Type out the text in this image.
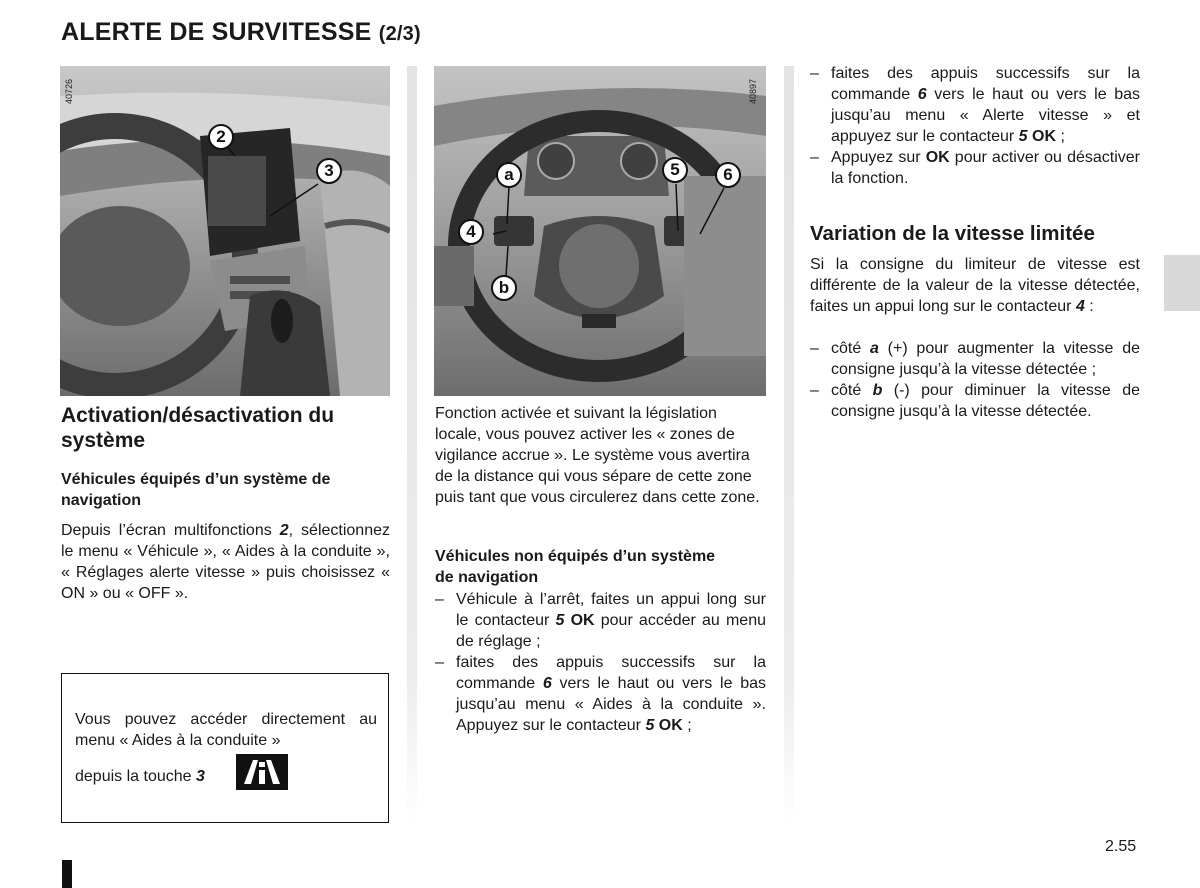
ALERTE DE SURVITESSE (2/3)
2
3
40726
a	5	6
4
b
40897
Activation/désactivation du système
Véhicules équipés d’un système de navigation
Depuis l’écran multifonctions 2, sélectionnez le menu « Véhicule », « Aides à la conduite », « Réglages alerte vitesse » puis choisissez « ON » ou « OFF ».
Vous pouvez accéder directement au menu « Aides à la conduite »
depuis la touche 3
Fonction activée et suivant la législation locale, vous pouvez activer les « zones de vigilance accrue ». Le système vous avertira de la distance qui vous sépare de cette zone puis tant que vous circulerez dans cette zone.
Véhicules non équipés d’un système de navigation
– Véhicule à l’arrêt, faites un appui long sur le contacteur 5 OK pour accéder au menu de réglage ;
– faites des appuis successifs sur la commande 6 vers le haut ou vers le bas jusqu’au menu « Aides à la conduite ». Appuyez sur le contacteur 5 OK ;
– faites des appuis successifs sur la commande 6 vers le haut ou vers le bas jusqu’au menu « Alerte vitesse » et appuyez sur le contacteur 5 OK ;
– Appuyez sur OK pour activer ou désactiver la fonction.
Variation de la vitesse limitée
Si la consigne du limiteur de vitesse est différente de la valeur de la vitesse détectée, faites un appui long sur le contacteur 4 :
– côté a (+) pour augmenter la vitesse de consigne jusqu’à la vitesse détectée ;
– côté b (-) pour diminuer la vitesse de consigne jusqu’à la vitesse détectée.
2.55
